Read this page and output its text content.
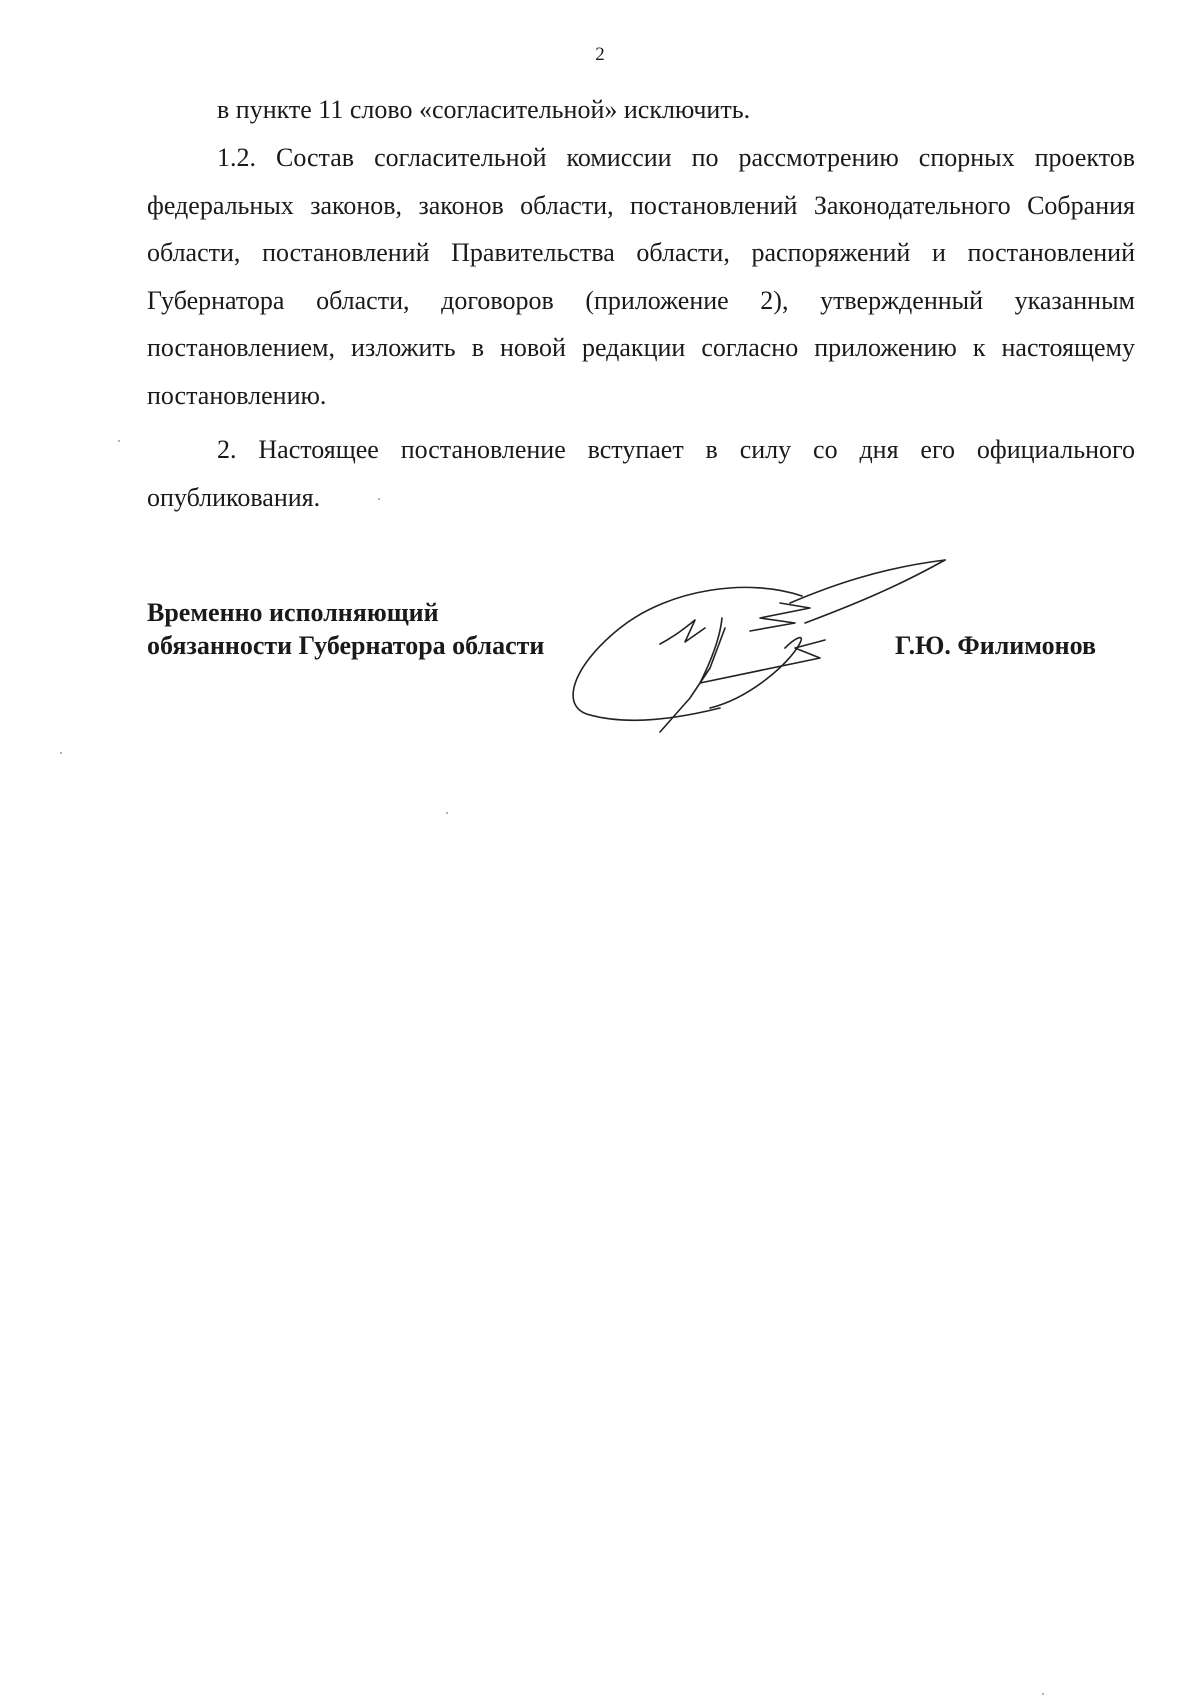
2

в пункте 11 слово «согласительной» исключить.

1.2. Состав согласительной комиссии по рассмотрению спорных проектов федеральных законов, законов области, постановлений Законодательного Собрания области, постановлений Правительства области, распоряжений и постановлений Губернатора области, договоров (приложение 2), утвержденный указанным постановлением, изложить в новой редакции согласно приложению к настоящему постановлению.

2. Настоящее постановление вступает в силу со дня его официального опубликования.

Временно исполняющий
обязанности Губернатора области	Г.Ю. Филимонов
